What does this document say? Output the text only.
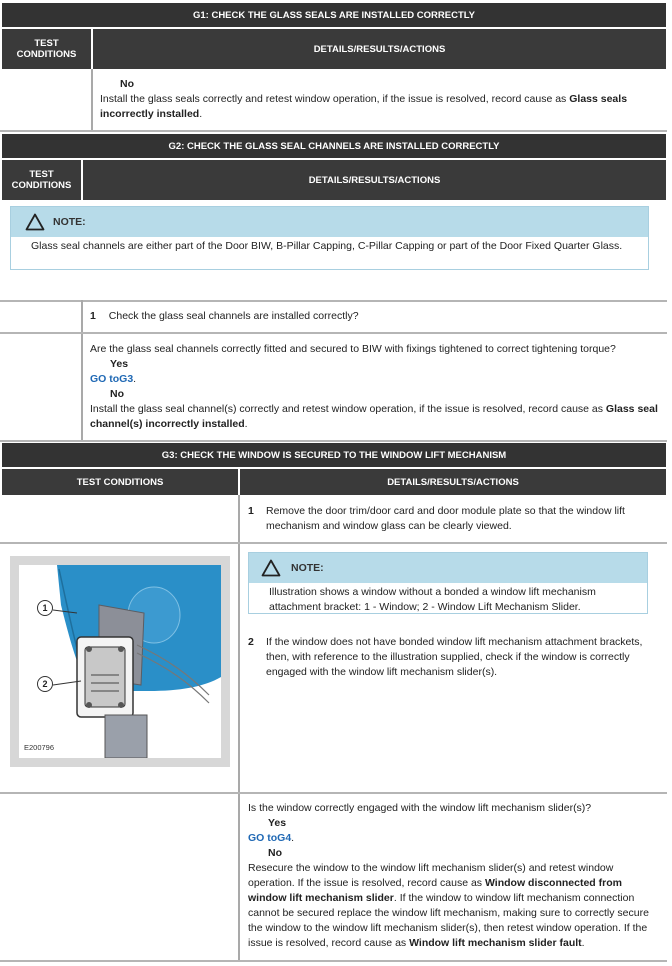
G1: CHECK THE GLASS SEALS ARE INSTALLED CORRECTLY
TEST
CONDITIONS	DETAILS/RESULTS/ACTIONS

No

Install the glass seals correctly and retest window operation, if the issue is resolved, record cause as Glass seals incorrectly installed.

G2: CHECK THE GLASS SEAL CHANNELS ARE INSTALLED CORRECTLY
TEST
CONDITIONS	DETAILS/RESULTS/ACTIONS
NOTE:
Glass seal channels are either part of the Door BIW, B-Pillar Capping, C-Pillar Capping or part of the Door Fixed Quarter Glass.
1 Check the glass seal channels are installed correctly?

Are the glass seal channels correctly fitted and secured to BIW with fixings tightened to correct tightening torque?

Yes

GO toG3.

No

Install the glass seal channel(s) correctly and retest window operation, if the issue is resolved, record cause as Glass seal channel(s) incorrectly installed.

G3: CHECK THE WINDOW IS SECURED TO THE WINDOW LIFT MECHANISM
TEST CONDITIONS	DETAILS/RESULTS/ACTIONS
1	Remove the door trim/door card and door module plate so that the window lift mechanism and window glass can be clearly viewed.
1
2
E200796
NOTE:
Illustration shows a window without a bonded a window lift mechanism attachment bracket: 1 - Window; 2 - Window Lift Mechanism Slider.
2	If the window does not have bonded window lift mechanism attachment brackets, then, with reference to the illustration supplied, check if the window is correctly engaged with the window lift mechanism slider(s).

Is the window correctly engaged with the window lift mechanism slider(s)?

Yes

GO toG4.

No

Resecure the window to the window lift mechanism slider(s) and retest window operation. If the issue is resolved, record cause as Window disconnected from window lift mechanism slider. If the window to window lift mechanism connection cannot be secured replace the window lift mechanism, making sure to correctly secure the window to the window lift mechanism slider(s), then retest window operation. If the issue is resolved, record cause as Window lift mechanism slider fault.
